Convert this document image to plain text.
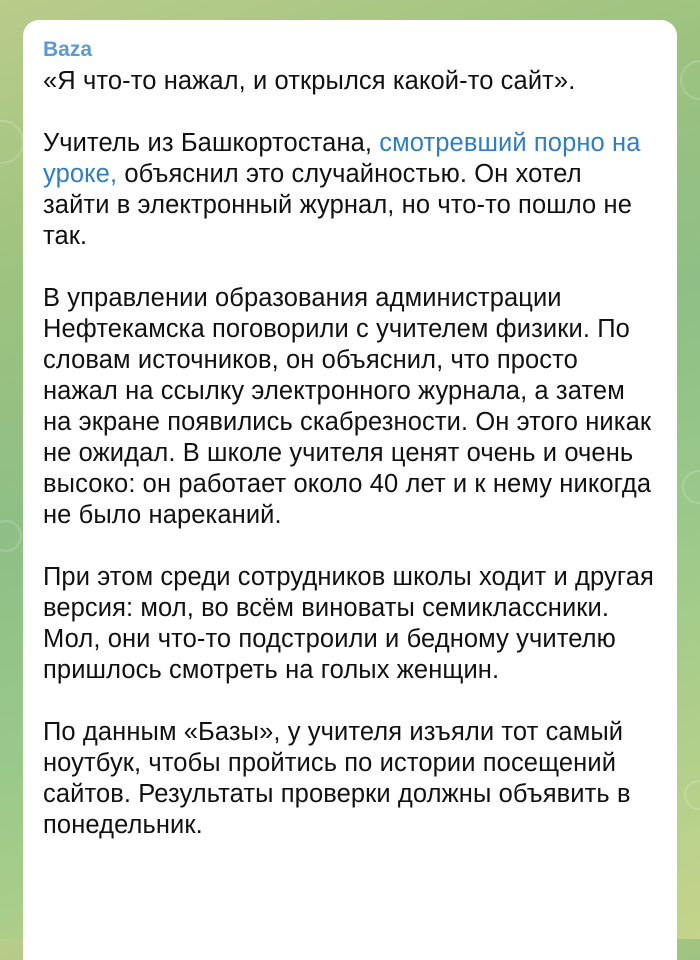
Baza

«Я что-то нажал, и открылся какой-то сайт».

Учитель из Башкортостана, смотревший порно на уроке, объяснил это случайностью. Он хотел зайти в электронный журнал, но что-то пошло не так.

В управлении образования администрации Нефтекамска поговорили с учителем физики. По словам источников, он объяснил, что просто нажал на ссылку электронного журнала, а затем на экране появились скабрезности. Он этого никак не ожидал. В школе учителя ценят очень и очень высоко: он работает около 40 лет и к нему никогда не было нареканий.

При этом среди сотрудников школы ходит и другая версия: мол, во всём виноваты семиклассники. Мол, они что-то подстроили и бедному учителю пришлось смотреть на голых женщин.

По данным «Базы», у учителя изъяли тот самый ноутбук, чтобы пройтись по истории посещений сайтов. Результаты проверки должны объявить в понедельник.
